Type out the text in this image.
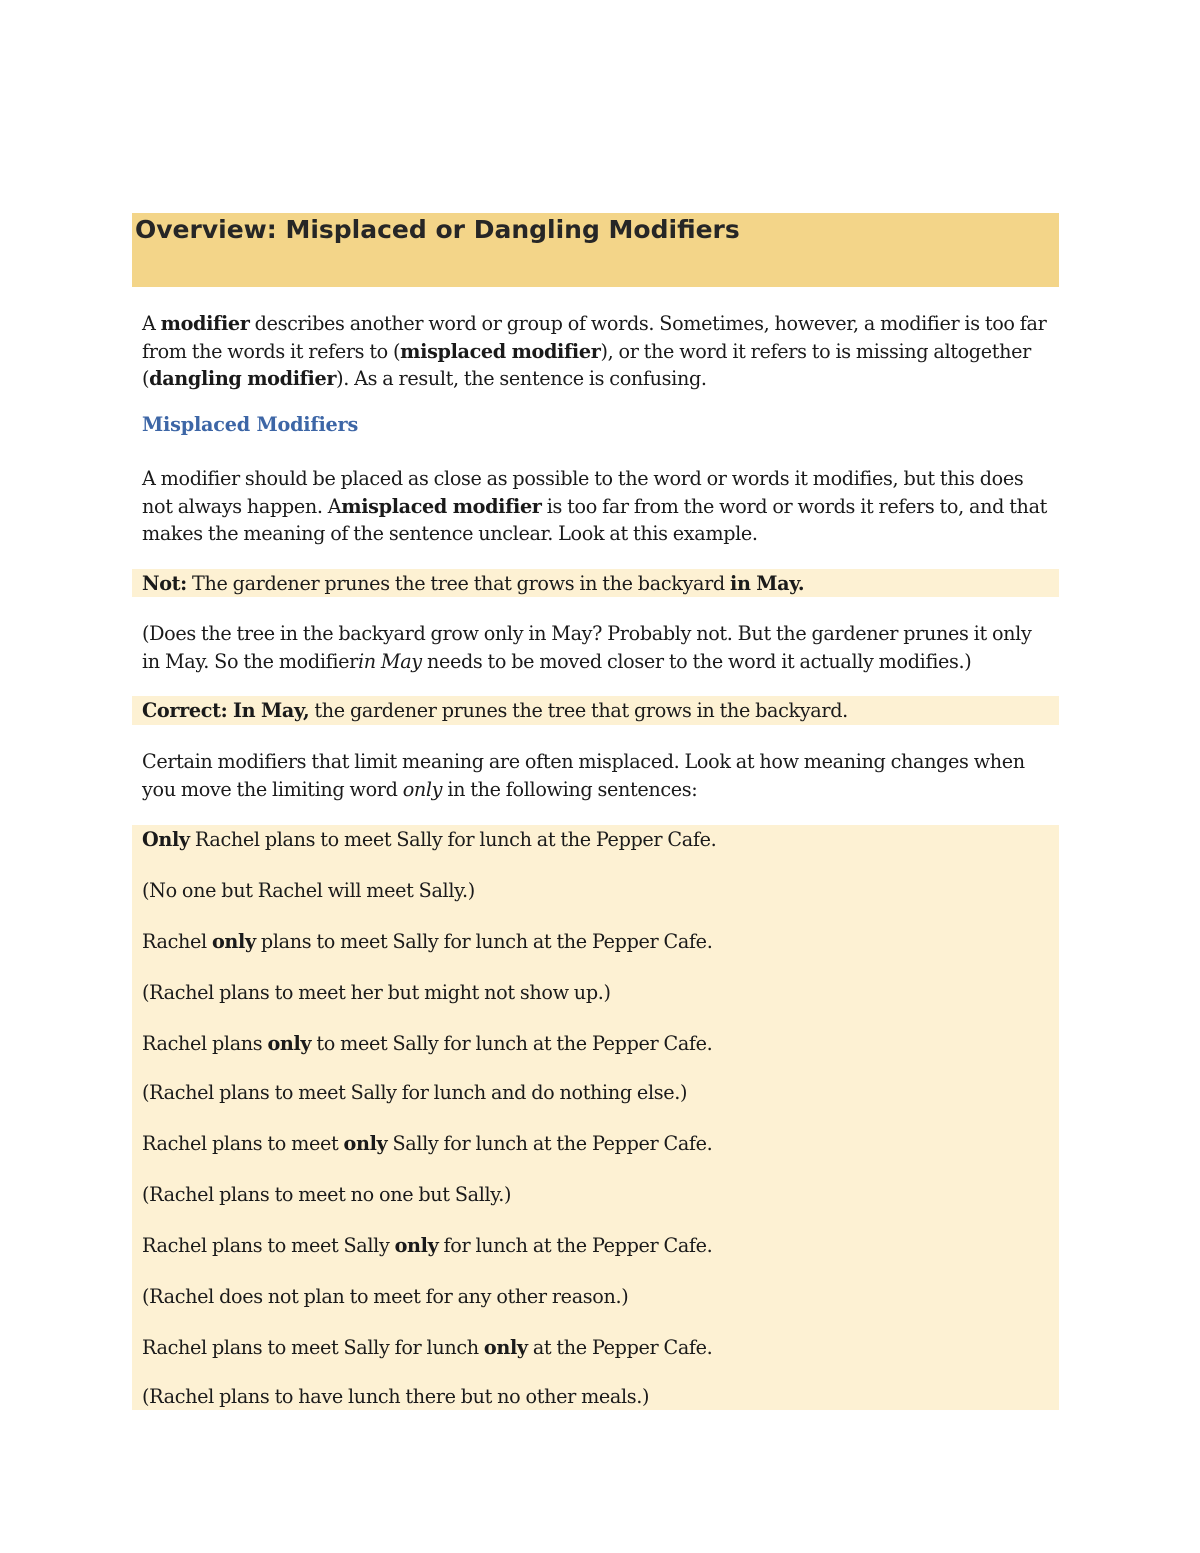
Overview: Misplaced or Dangling Modifiers

A modifier describes another word or group of words. Sometimes, however, a modifier is too far

from the words it refers to (misplaced modifier), or the word it refers to is missing altogether

(dangling modifier). As a result, the sentence is confusing.

Misplaced Modifiers

A modifier should be placed as close as possible to the word or words it modifies, but this does

not always happen. Amisplaced modifier is too far from the word or words it refers to, and that

makes the meaning of the sentence unclear. Look at this example.

Not: The gardener prunes the tree that grows in the backyard in May.

(Does the tree in the backyard grow only in May? Probably not. But the gardener prunes it only

in May. So the modifierin May needs to be moved closer to the word it actually modifies.)

Correct: In May, the gardener prunes the tree that grows in the backyard.

Certain modifiers that limit meaning are often misplaced. Look at how meaning changes when

you move the limiting word only in the following sentences:

Only Rachel plans to meet Sally for lunch at the Pepper Cafe.

(No one but Rachel will meet Sally.)

Rachel only plans to meet Sally for lunch at the Pepper Cafe.

(Rachel plans to meet her but might not show up.)

Rachel plans only to meet Sally for lunch at the Pepper Cafe.

(Rachel plans to meet Sally for lunch and do nothing else.)

Rachel plans to meet only Sally for lunch at the Pepper Cafe.

(Rachel plans to meet no one but Sally.)

Rachel plans to meet Sally only for lunch at the Pepper Cafe.

(Rachel does not plan to meet for any other reason.)

Rachel plans to meet Sally for lunch only at the Pepper Cafe.

(Rachel plans to have lunch there but no other meals.)
